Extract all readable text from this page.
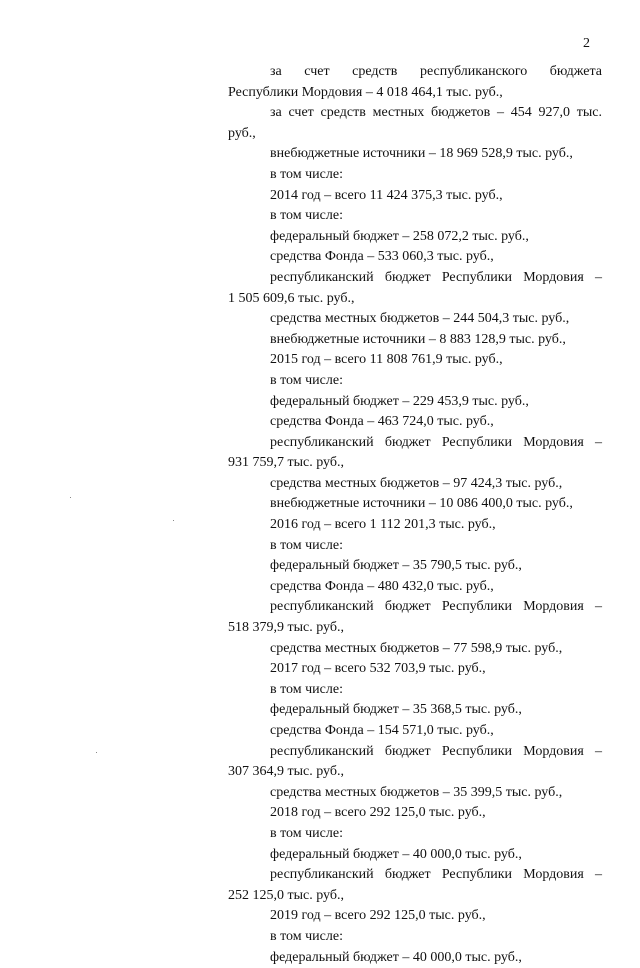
2
за счет средств республиканского бюджета
Республики Мордовия – 4 018 464,1 тыс. руб.,
за счет средств местных бюджетов – 454 927,0 тыс.
руб.,
внебюджетные источники – 18 969 528,9 тыс. руб.,
в том числе:
2014 год – всего 11 424 375,3 тыс. руб.,
в том числе:
федеральный бюджет – 258 072,2 тыс. руб.,
средства Фонда – 533 060,3 тыс. руб.,
республиканский бюджет Республики Мордовия –
1 505 609,6 тыс. руб.,
средства местных бюджетов – 244 504,3 тыс. руб.,
внебюджетные источники – 8 883 128,9 тыс. руб.,
2015 год – всего 11 808 761,9 тыс. руб.,
в том числе:
федеральный бюджет – 229 453,9 тыс. руб.,
средства Фонда – 463 724,0 тыс. руб.,
республиканский бюджет Республики Мордовия –
931 759,7 тыс. руб.,
средства местных бюджетов – 97 424,3 тыс. руб.,
внебюджетные источники – 10 086 400,0 тыс. руб.,
2016 год – всего 1 112 201,3 тыс. руб.,
в том числе:
федеральный бюджет – 35 790,5 тыс. руб.,
средства Фонда – 480 432,0 тыс. руб.,
республиканский бюджет Республики Мордовия –
518 379,9 тыс. руб.,
средства местных бюджетов – 77 598,9 тыс. руб.,
2017 год – всего 532 703,9 тыс. руб.,
в том числе:
федеральный бюджет – 35 368,5 тыс. руб.,
средства Фонда – 154 571,0 тыс. руб.,
республиканский бюджет Республики Мордовия –
307 364,9 тыс. руб.,
средства местных бюджетов – 35 399,5 тыс. руб.,
2018 год – всего 292 125,0 тыс. руб.,
в том числе:
федеральный бюджет – 40 000,0 тыс. руб.,
республиканский бюджет Республики Мордовия –
252 125,0 тыс. руб.,
2019 год – всего 292 125,0 тыс. руб.,
в том числе:
федеральный бюджет – 40 000,0 тыс. руб.,
